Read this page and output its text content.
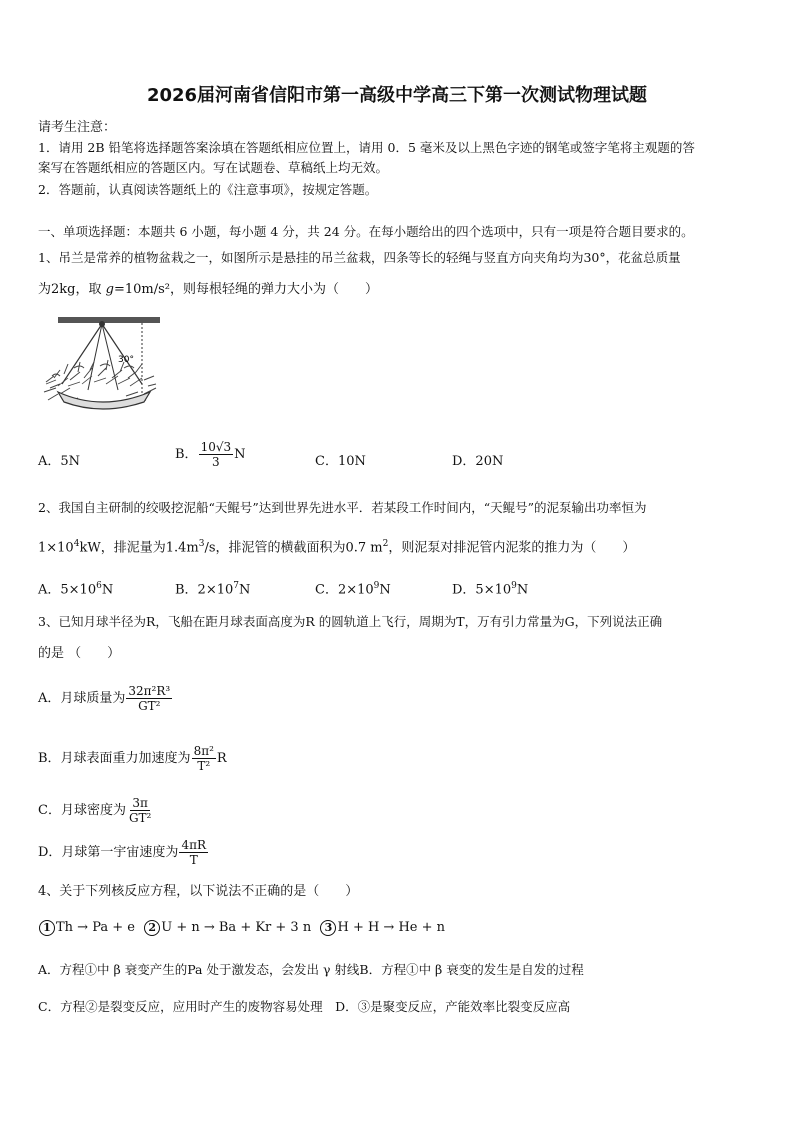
2026届河南省信阳市第一高级中学高三下第一次测试物理试题
请考生注意：
1．请用 2B 铅笔将选择题答案涂填在答题纸相应位置上，请用 0．5 毫米及以上黑色字迹的钢笔或签字笔将主观题的答
案写在答题纸相应的答题区内。写在试题卷、草稿纸上均无效。
2．答题前，认真阅读答题纸上的《注意事项》，按规定答题。
一、单项选择题：本题共 6 小题，每小题 4 分，共 24 分。在每小题给出的四个选项中，只有一项是符合题目要求的。
1、吊兰是常养的植物盆栽之一，如图所示是悬挂的吊兰盆栽，四条等长的轻绳与竖直方向夹角均为30°，花盆总质量
为2kg，取 g=10m/s²，则每根轻绳的弹力大小为（　　）
30°
A．5N	B． $\frac{10√3}{3}$ N	C．10N	D．20N
2、我国自主研制的绞吸挖泥船“天鲲号”达到世界先进水平．若某段工作时间内，“天鲲号”的泥泵输出功率恒为
$1\times 10^4kW$，排泥量为$1.4m^3/s$，排泥管的横截面积为0.7 $m^2$，则泥泵对排泥管内泥浆的推力为（　　）
A．$5\times 10^6N$	B．$2\times 10^7N$	C．$2\times 10^9N$	D．$5\times 10^9N$
3、已知月球半径为R，飞船在距月球表面高度为R 的圆轨道上飞行，周期为T，万有引力常量为G，下列说法正确
的是 （　　）
A．月球质量为 $\frac{\text{32π²R³}}{\text{GT²}}$
B．月球表面重力加速度为 $\frac{\text{8π²}}{\text{T²}}$ R
C．月球密度为 $\frac{3\pi}{\text{GT²}}$
D．月球第一宇宙速度为 $\frac{4\pi R}{T}$
4、关于下列核反应方程，以下说法不正确的是（　　）
1 Th → Pa + e 2 U + n → Ba + Kr + 3 n 3 H + H → He + n
A．方程①中 β 衰变产生的Pa 处于激发态，会发出 γ 射线B．方程①中 β 衰变的发生是自发的过程
C．方程②是裂变反应，应用时产生的废物容易处理　D．③是聚变反应，产能效率比裂变反应高
